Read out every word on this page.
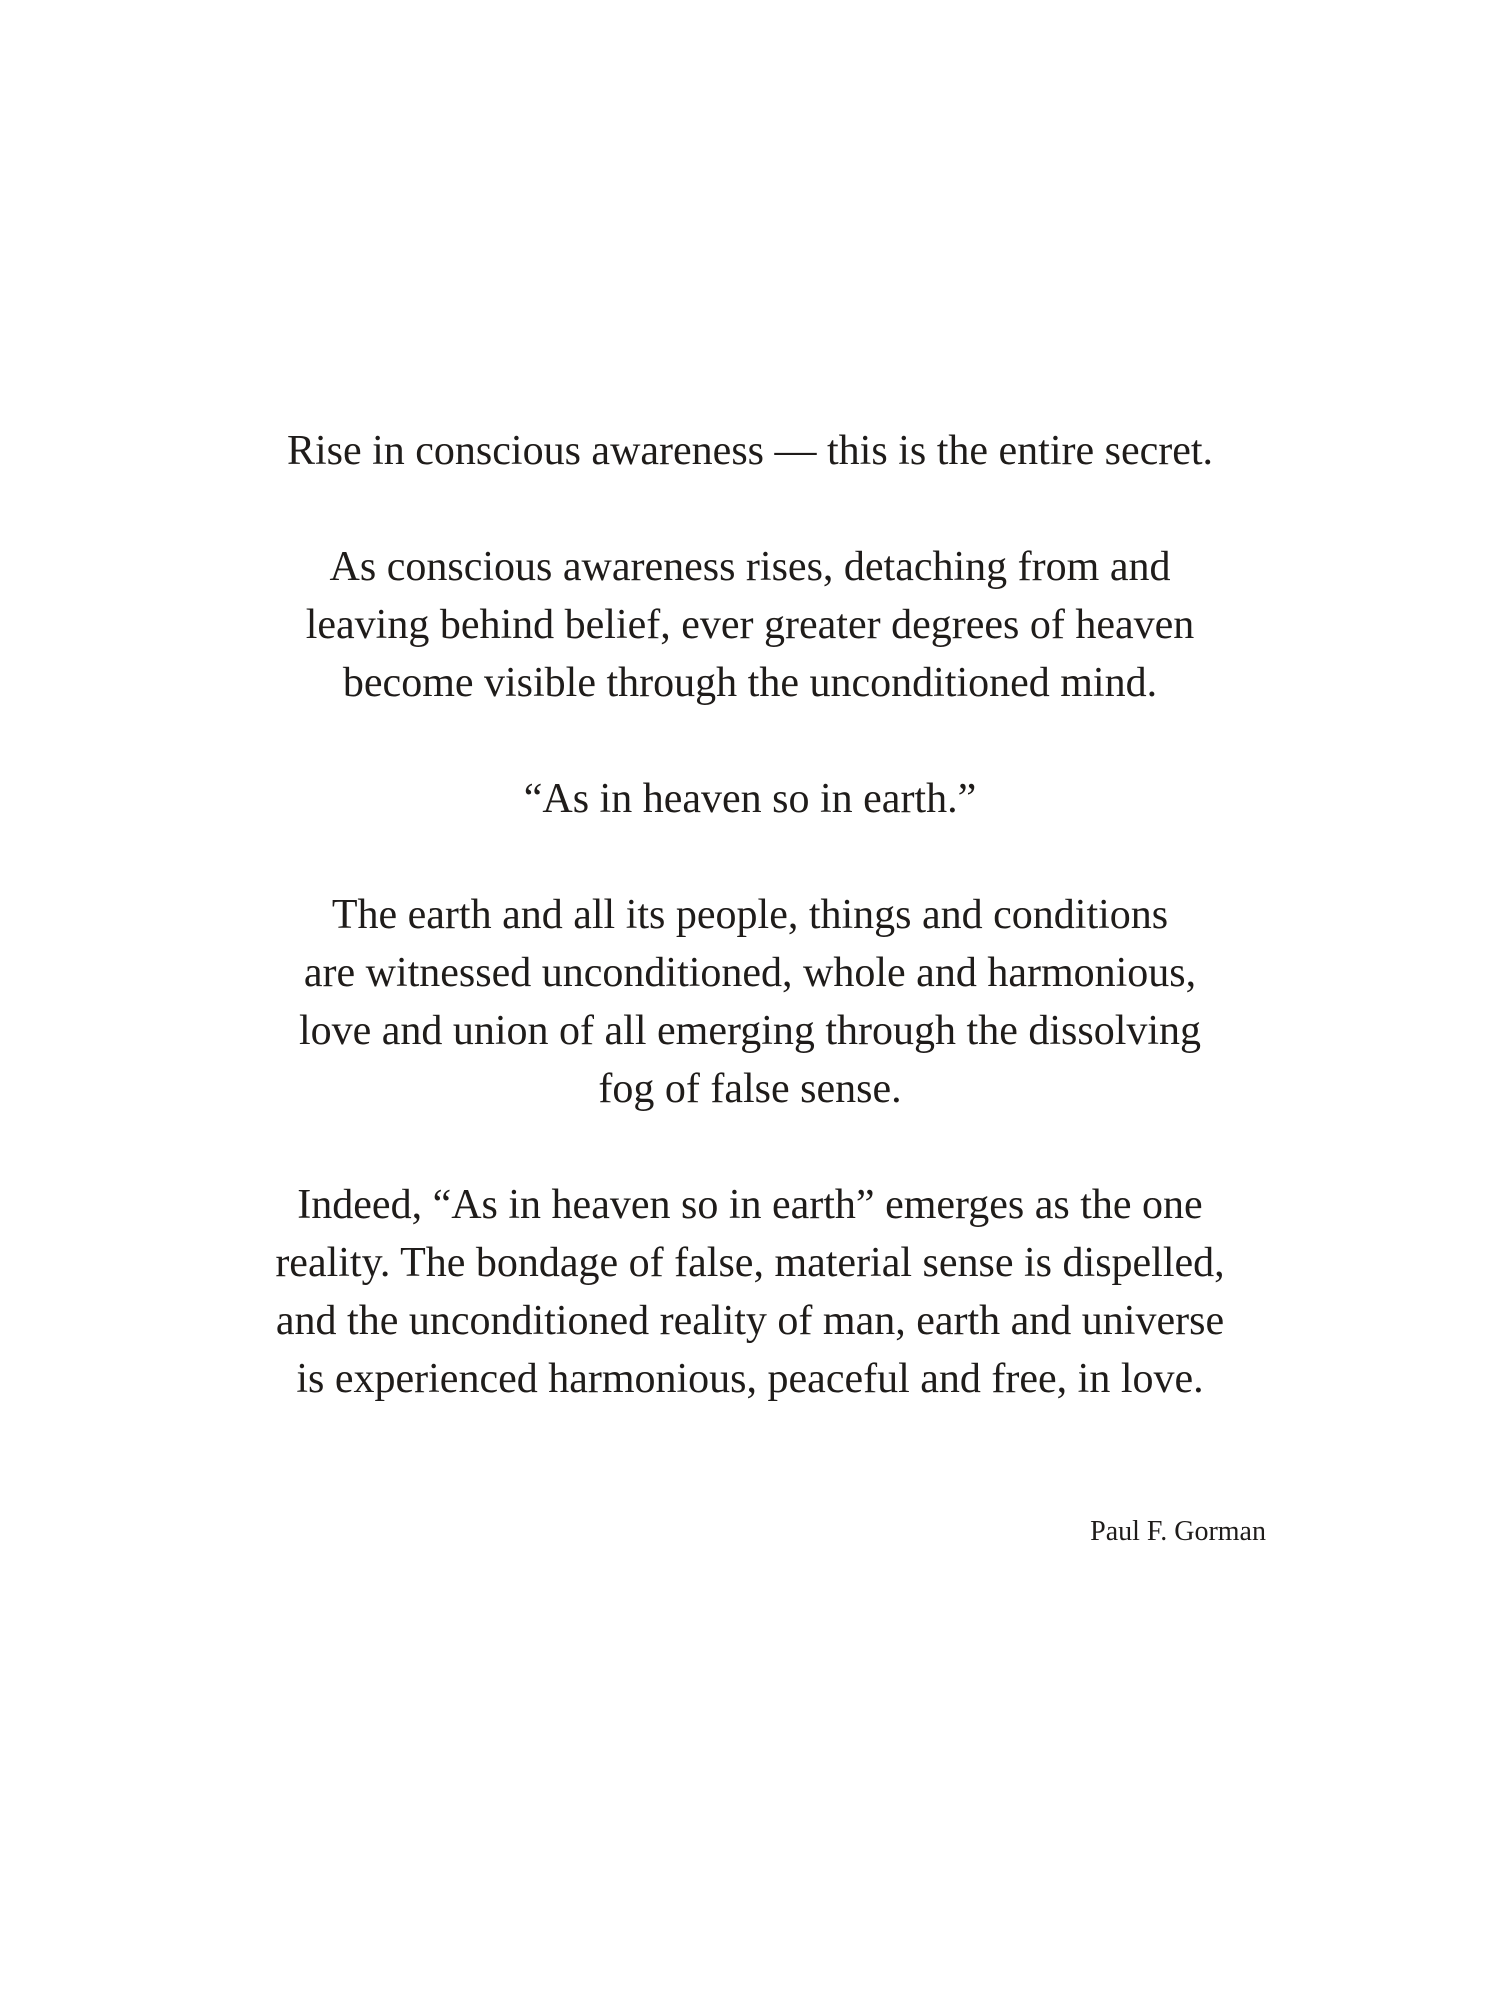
Rise in conscious awareness — this is the entire secret.

As conscious awareness rises, detaching from and
leaving behind belief, ever greater degrees of heaven
become visible through the unconditioned mind.

“As in heaven so in earth.”

The earth and all its people, things and conditions
are witnessed unconditioned, whole and harmonious,
love and union of all emerging through the dissolving
fog of false sense.

Indeed, “As in heaven so in earth” emerges as the one
reality. The bondage of false, material sense is dispelled,
and the unconditioned reality of man, earth and universe
is experienced harmonious, peaceful and free, in love.

Paul F. Gorman
